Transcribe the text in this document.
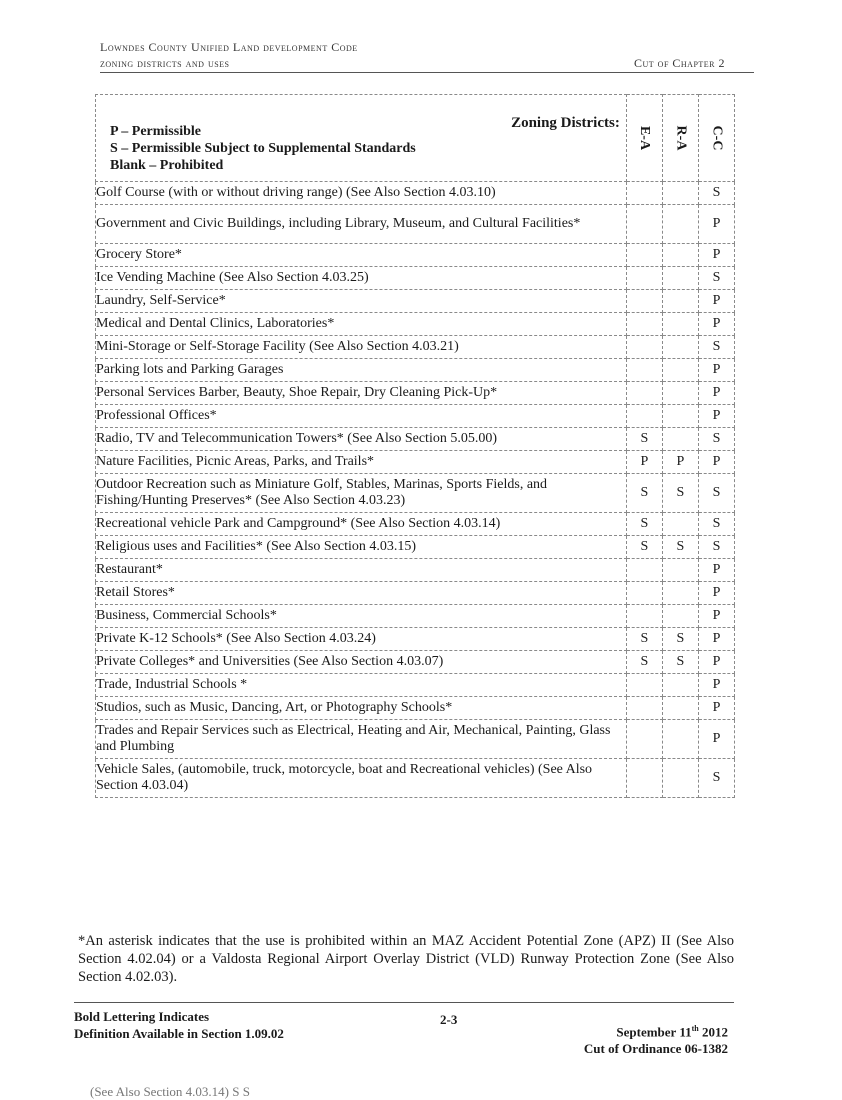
Lowndes County Unified Land development Code
zoning districts and uses	Cut of Chapter 2
Zoning Districts:
P – Permissible
S – Permissible Subject to Supplemental Standards
Blank – Prohibited	E-A	R-A	C-C
Golf Course (with or without driving range) (See Also Section 4.03.10)			S
Government and Civic Buildings, including Library, Museum, and Cultural Facilities*			P
Grocery Store*			P
Ice Vending Machine (See Also Section 4.03.25)			S
Laundry, Self-Service*			P
Medical and Dental Clinics, Laboratories*			P
Mini-Storage or Self-Storage Facility (See Also Section 4.03.21)			S
Parking lots and Parking Garages			P
Personal Services Barber, Beauty, Shoe Repair, Dry Cleaning Pick-Up*			P
Professional Offices*			P
Radio, TV and Telecommunication Towers* (See Also Section 5.05.00)	S		S
Nature Facilities, Picnic Areas, Parks, and Trails*	P	P	P
Outdoor Recreation such as Miniature Golf, Stables, Marinas, Sports Fields, and Fishing/Hunting Preserves* (See Also Section 4.03.23)	S	S	S
Recreational vehicle Park and Campground* (See Also Section 4.03.14)	S		S
Religious uses and Facilities* (See Also Section 4.03.15)	S	S	S
Restaurant*			P
Retail Stores*			P
Business, Commercial Schools*			P
Private K-12 Schools* (See Also Section 4.03.24)	S	S	P
Private Colleges* and Universities (See Also Section 4.03.07)	S	S	P
Trade, Industrial Schools *			P
Studios, such as Music, Dancing, Art, or Photography Schools*			P
Trades and Repair Services such as Electrical, Heating and Air, Mechanical, Painting, Glass and Plumbing			P
Vehicle Sales, (automobile, truck, motorcycle, boat and Recreational vehicles) (See Also Section 4.03.04)			S
*An asterisk indicates that the use is prohibited within an MAZ Accident Potential Zone (APZ) II (See Also Section 4.02.04) or a Valdosta Regional Airport Overlay District (VLD) Runway Protection Zone (See Also Section 4.02.03).
Bold Lettering Indicates
Definition Available in Section 1.09.02
2-3
September 11th 2012
Cut of Ordinance 06-1382
(See Also Section 4.03.14) S S
